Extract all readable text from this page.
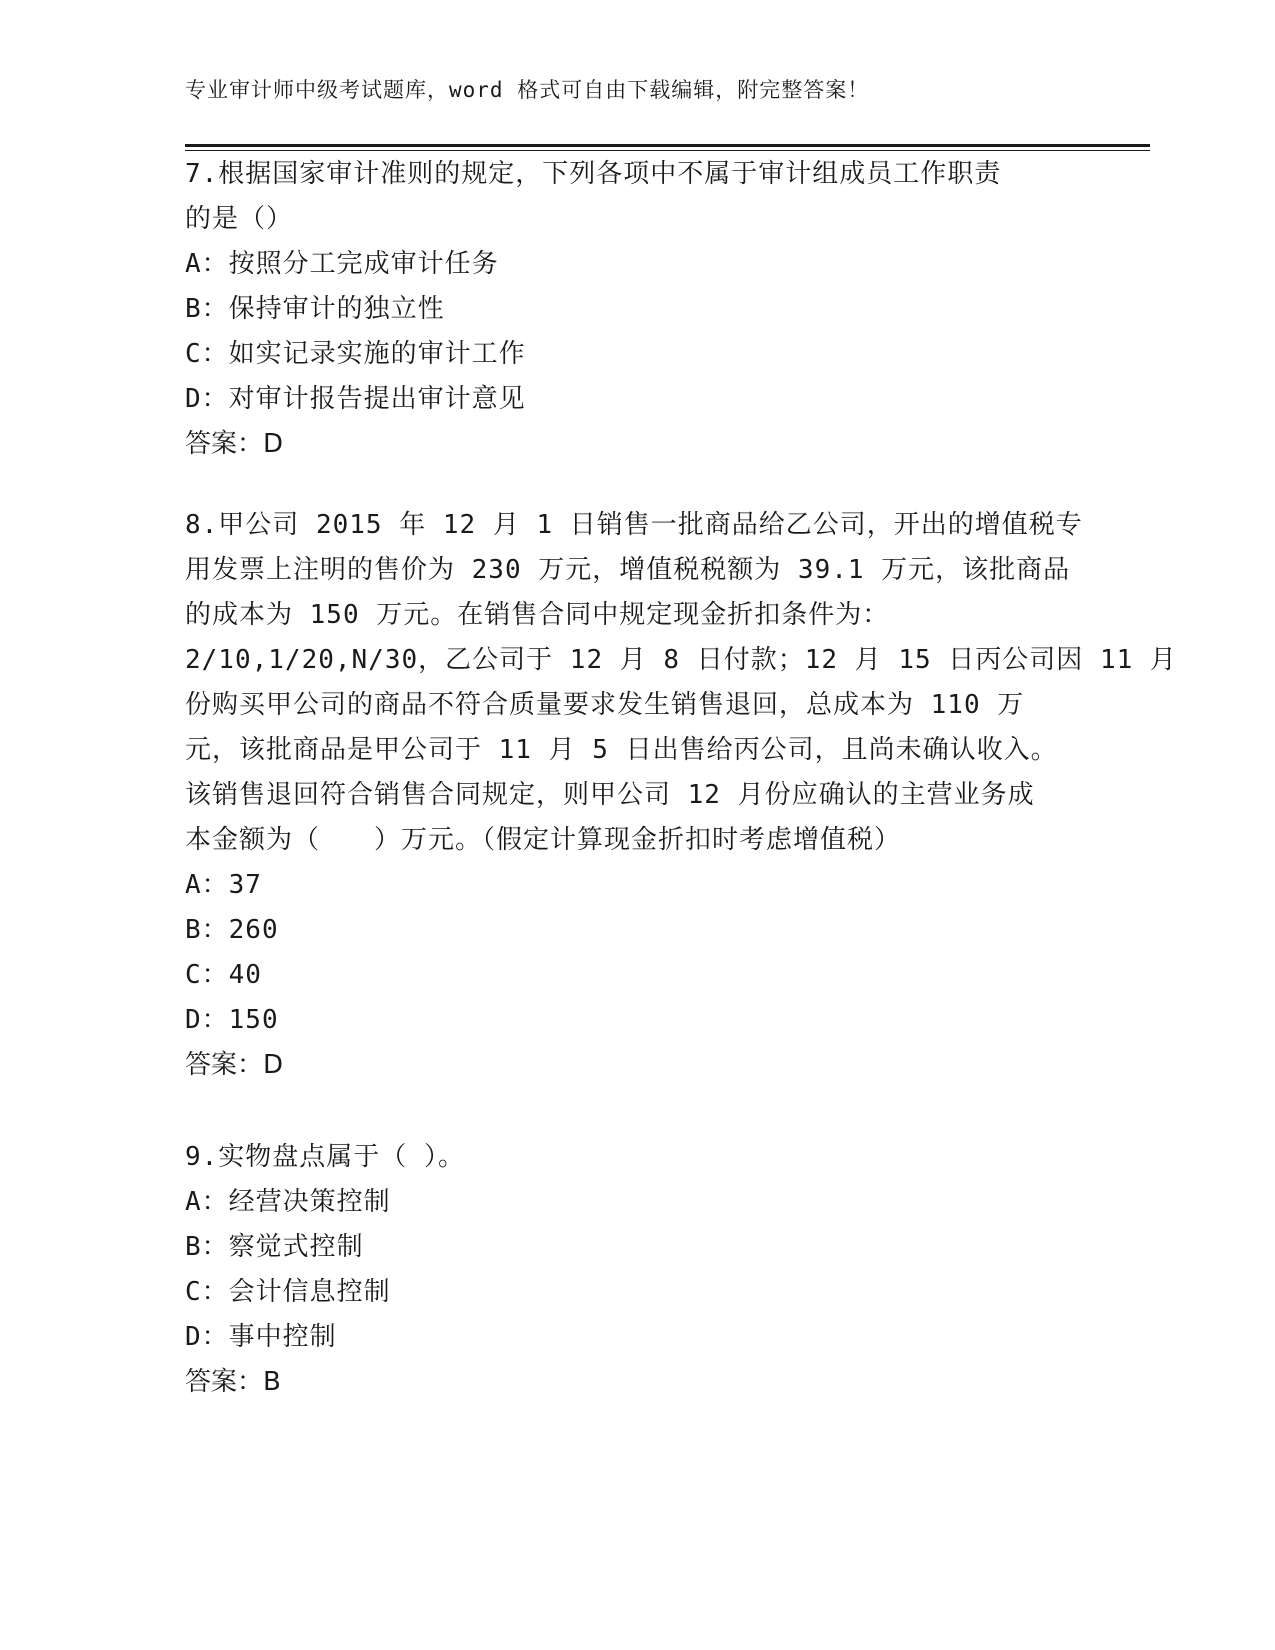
专业审计师中级考试题库，word 格式可自由下载编辑，附完整答案！
7.根据国家审计准则的规定，下列各项中不属于审计组成员工作职责
的是（）
A：按照分工完成审计任务
B：保持审计的独立性
C：如实记录实施的审计工作
D：对审计报告提出审计意见
答案：D
8.甲公司 2015 年 12 月 1 日销售一批商品给乙公司，开出的增值税专
用发票上注明的售价为 230 万元，增值税税额为 39.1 万元，该批商品
的成本为 150 万元。在销售合同中规定现金折扣条件为：
2/10,1/20,N/30，乙公司于 12 月 8 日付款；12 月 15 日丙公司因 11 月
份购买甲公司的商品不符合质量要求发生销售退回，总成本为 110 万
元，该批商品是甲公司于 11 月 5 日出售给丙公司，且尚未确认收入。
该销售退回符合销售合同规定，则甲公司 12 月份应确认的主营业务成
本金额为（　　）万元。（假定计算现金折扣时考虑增值税）
A：37
B：260
C：40
D：150
答案：D
9.实物盘点属于（ ）。
A：经营决策控制
B：察觉式控制
C：会计信息控制
D：事中控制
答案：B
